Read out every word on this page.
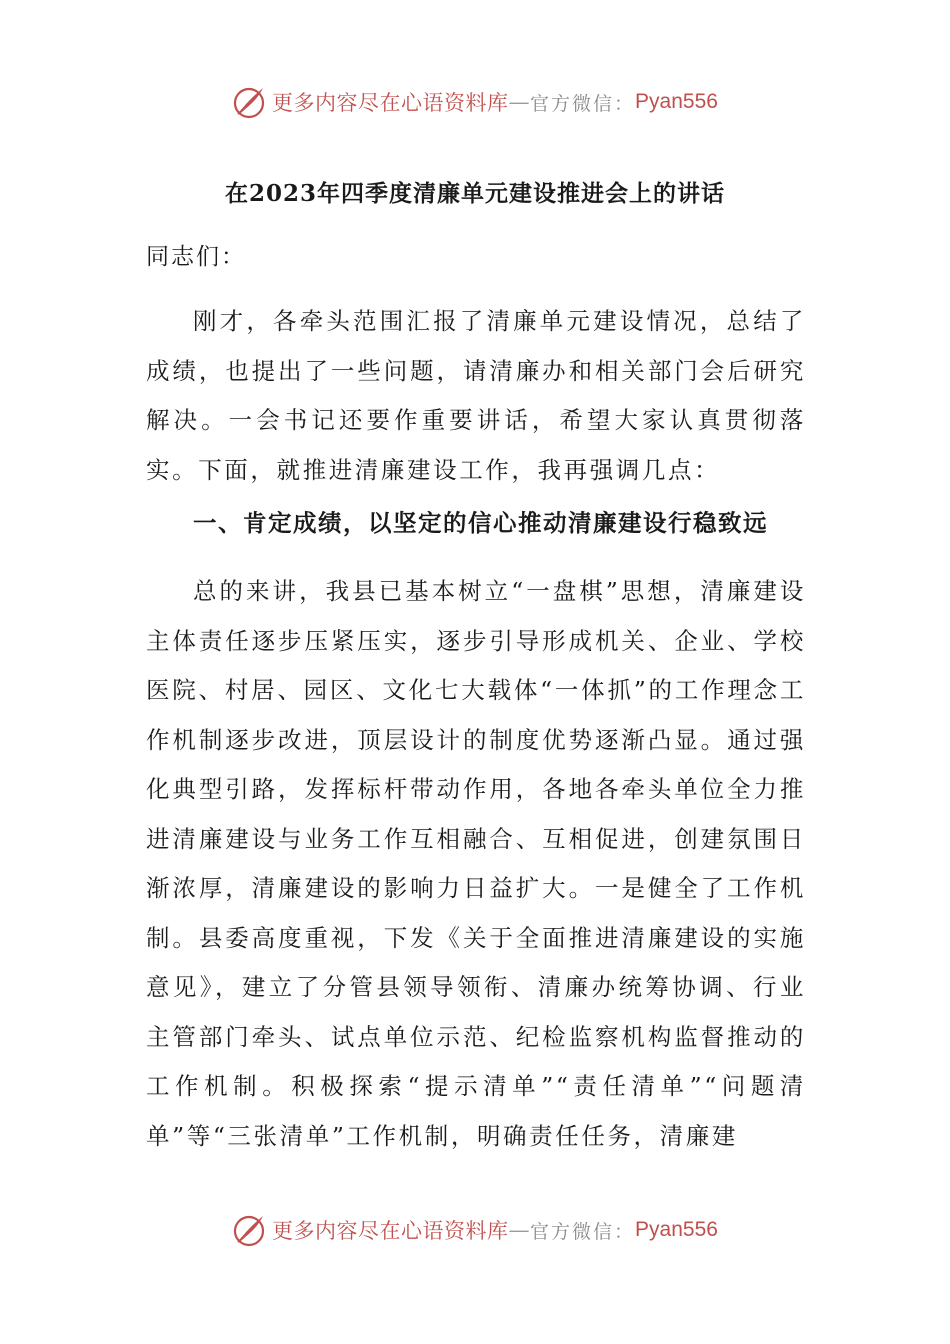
更多内容尽在心语资料库 — 官方微信： Pyan556
在2023年四季度清廉单元建设推进会上的讲话
同志们：

刚才，各牵头范围汇报了清廉单元建设情况，总结了成绩，也提出了一些问题，请清廉办和相关部门会后研究解决。一会书记还要作重要讲话，希望大家认真贯彻落实。下面，就推进清廉建设工作，我再强调几点：

一、肯定成绩，以坚定的信心推动清廉建设行稳致远

总的来讲，我县已基本树立“一盘棋”思想，清廉建设主体责任逐步压紧压实，逐步引导形成机关、企业、学校医院、村居、园区、文化七大载体“一体抓”的工作理念工作机制逐步改进，顶层设计的制度优势逐渐凸显。通过强化典型引路，发挥标杆带动作用，各地各牵头单位全力推进清廉建设与业务工作互相融合、互相促进，创建氛围日渐浓厚，清廉建设的影响力日益扩大。一是健全了工作机制。县委高度重视，下发《关于全面推进清廉建设的实施意见》，建立了分管县领导领衔、清廉办统筹协调、行业主管部门牵头、试点单位示范、纪检监察机构监督推动的工作机制。积极探索“提示清单”“责任清单”“问题清单”等“三张清单”工作机制，明确责任任务，清廉建

更多内容尽在心语资料库 — 官方微信： Pyan556
